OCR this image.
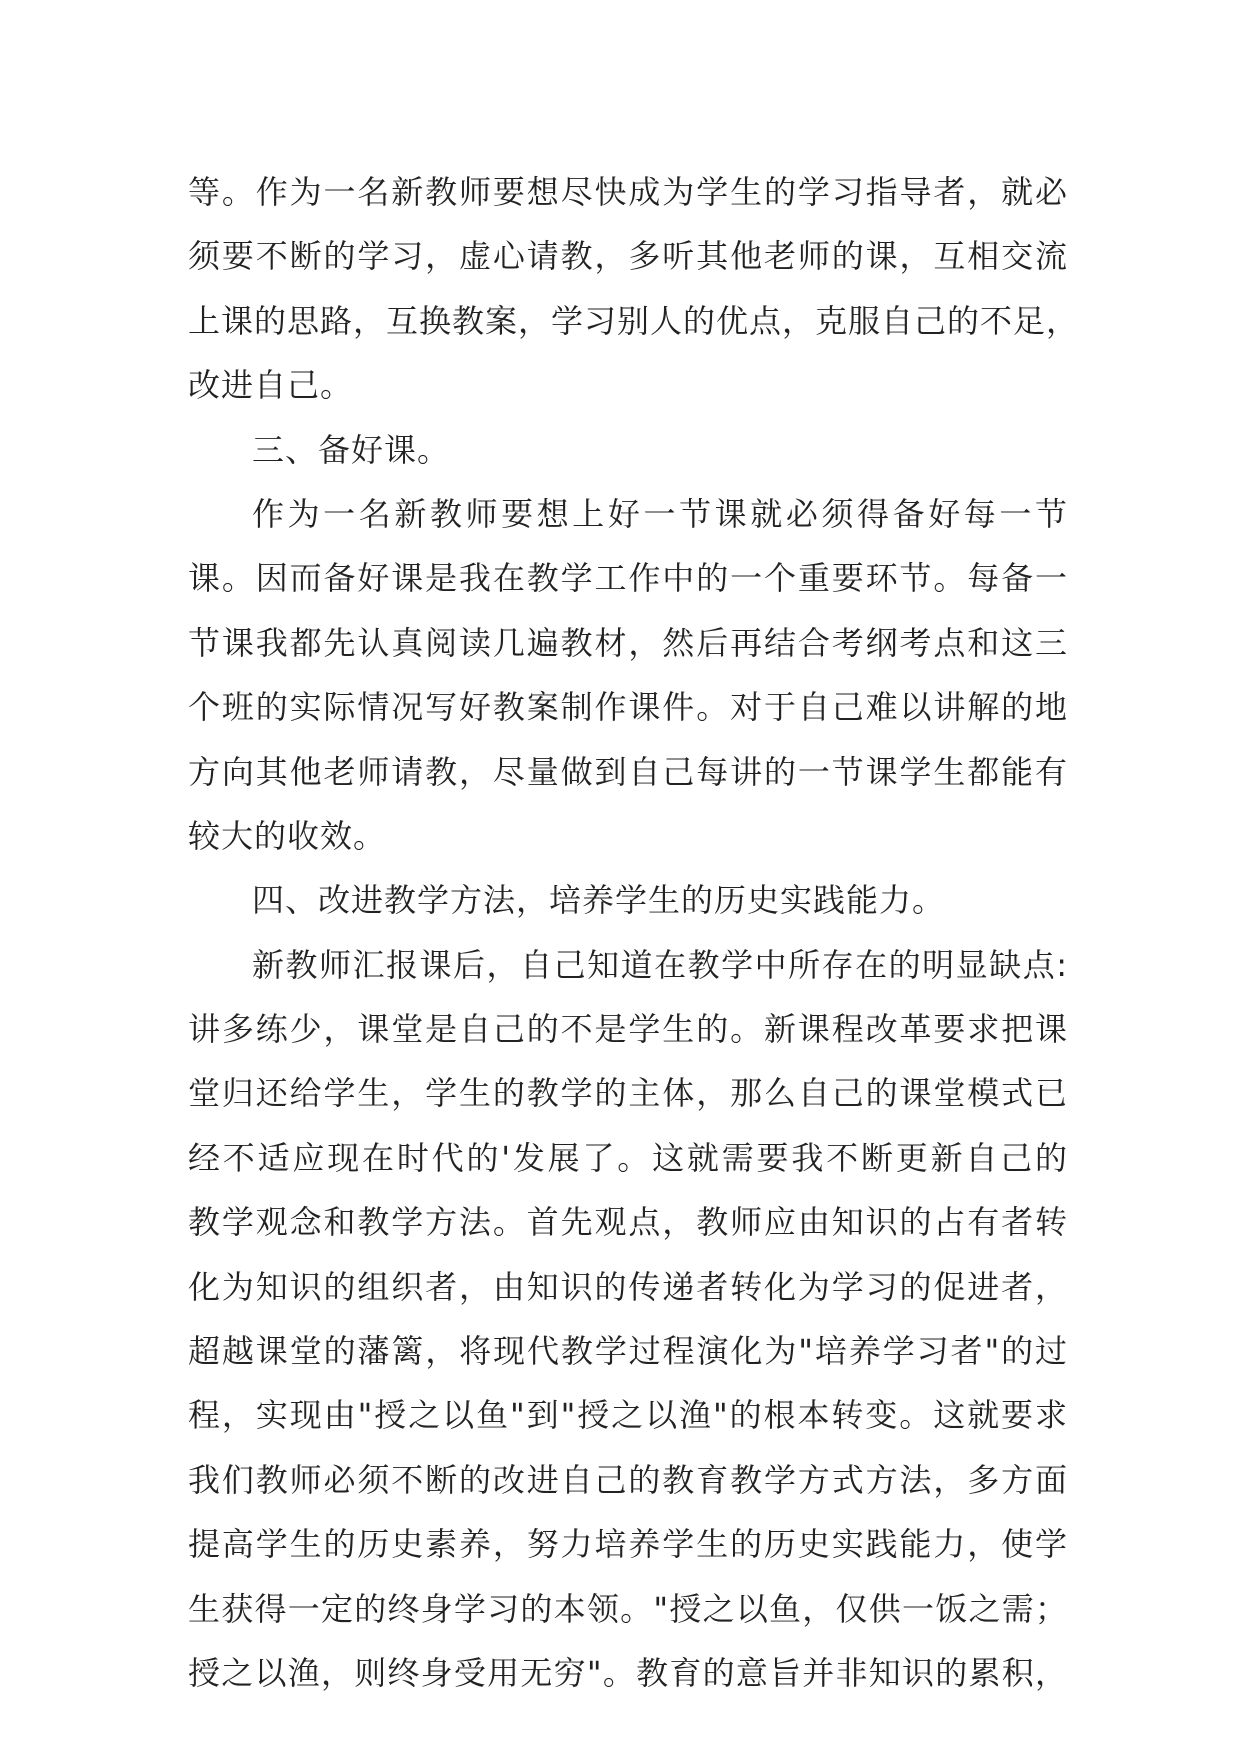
等。作为一名新教师要想尽快成为学生的学习指导者，就必
须要不断的学习，虚心请教，多听其他老师的课，互相交流
上课的思路，互换教案，学习别人的优点，克服自己的不足，
改进自己。
三、备好课。
作为一名新教师要想上好一节课就必须得备好每一节
课。因而备好课是我在教学工作中的一个重要环节。每备一
节课我都先认真阅读几遍教材，然后再结合考纲考点和这三
个班的实际情况写好教案制作课件。对于自己难以讲解的地
方向其他老师请教，尽量做到自己每讲的一节课学生都能有
较大的收效。
四、改进教学方法，培养学生的历史实践能力。
新教师汇报课后，自己知道在教学中所存在的明显缺点:
讲多练少，课堂是自己的不是学生的。新课程改革要求把课
堂归还给学生，学生的教学的主体，那么自己的课堂模式已
经不适应现在时代的'发展了。这就需要我不断更新自己的
教学观念和教学方法。首先观点，教师应由知识的占有者转
化为知识的组织者，由知识的传递者转化为学习的促进者，
超越课堂的藩篱，将现代教学过程演化为"培养学习者"的过
程，实现由"授之以鱼"到"授之以渔"的根本转变。这就要求
我们教师必须不断的改进自己的教育教学方式方法，多方面
提高学生的历史素养，努力培养学生的历史实践能力，使学
生获得一定的终身学习的本领。"授之以鱼，仅供一饭之需；
授之以渔，则终身受用无穷"。教育的意旨并非知识的累积，
